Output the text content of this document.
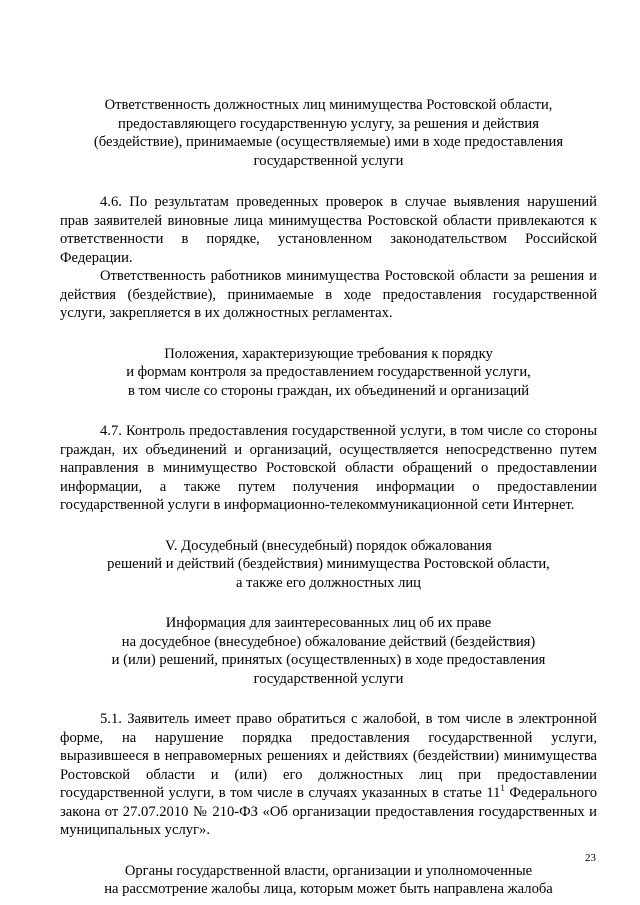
Ответственность должностных лиц минимущества Ростовской области,
предоставляющего государственную услугу, за решения и действия
(бездействие), принимаемые (осуществляемые) ими в ходе предоставления
государственной услуги

4.6. По результатам проведенных проверок в случае выявления нарушений прав заявителей виновные лица минимущества Ростовской области привлекаются к ответственности в порядке, установленном законодательством Российской Федерации.

Ответственность работников минимущества Ростовской области за решения и действия (бездействие), принимаемые в ходе предоставления государственной услуги, закрепляется в их должностных регламентах.

Положения, характеризующие требования к порядку
и формам контроля за предоставлением государственной услуги,
в том числе со стороны граждан, их объединений и организаций

4.7. Контроль предоставления государственной услуги, в том числе со стороны граждан, их объединений и организаций, осуществляется непосредственно путем направления в минимущество Ростовской области обращений о предоставлении информации, а также путем получения информации о предоставлении государственной услуги в информационно-телекоммуникационной сети Интернет.

V. Досудебный (внесудебный) порядок обжалования
решений и действий (бездействия) минимущества Ростовской области,
а также его должностных лиц

Информация для заинтересованных лиц об их праве
на досудебное (внесудебное) обжалование действий (бездействия)
и (или) решений, принятых (осуществленных) в ходе предоставления
государственной услуги

5.1. Заявитель имеет право обратиться с жалобой, в том числе в электронной форме, на нарушение порядка предоставления государственной услуги, выразившееся в неправомерных решениях и действиях (бездействии) минимущества Ростовской области и (или) его должностных лиц при предоставлении государственной услуги, в том числе в случаях указанных в статье $11^1$ Федерального закона от 27.07.2010 № 210-ФЗ «Об организации предоставления государственных и муниципальных услуг».

Органы государственной власти, организации и уполномоченные
на рассмотрение жалобы лица, которым может быть направлена жалоба

23
